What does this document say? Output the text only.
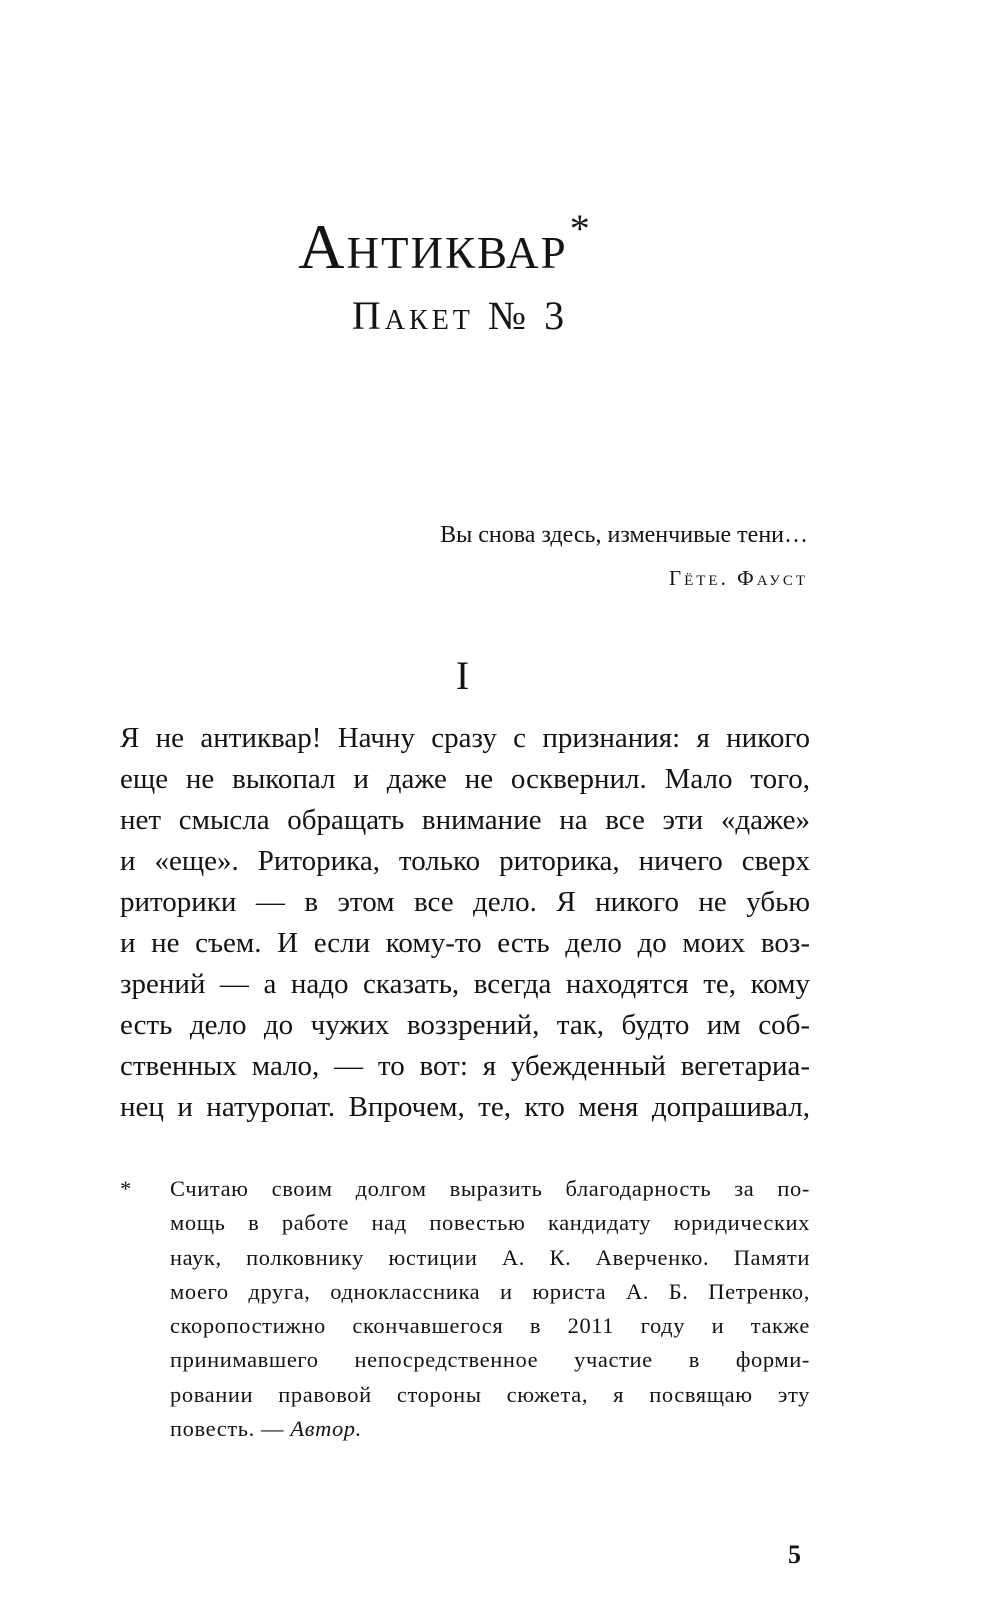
Антиквар*
Пакет № 3
Вы снова здесь, изменчивые тени…
Гёте. Фауст
I
Я не антиквар! Начну сразу с признания: я никого
еще не выкопал и даже не осквернил. Мало того,
нет смысла обращать внимание на все эти «даже»
и «еще». Риторика, только риторика, ничего сверх
риторики — в этом все дело. Я никого не убью
и не съем. И если кому-то есть дело до моих воз-
зрений — а надо сказать, всегда находятся те, кому
есть дело до чужих воззрений, так, будто им соб-
ственных мало, — то вот: я убежденный вегетариа-
нец и натуропат. Впрочем, те, кто меня допрашивал,
* Считаю своим долгом выразить благодарность за по-
мощь в работе над повестью кандидату юридических
наук, полковнику юстиции А. К. Аверченко. Памяти
моего друга, одноклассника и юриста А. Б. Петренко,
скоропостижно скончавшегося в 2011 году и также
принимавшего непосредственное участие в форми-
ровании правовой стороны сюжета, я посвящаю эту
повесть. — Автор.
5
